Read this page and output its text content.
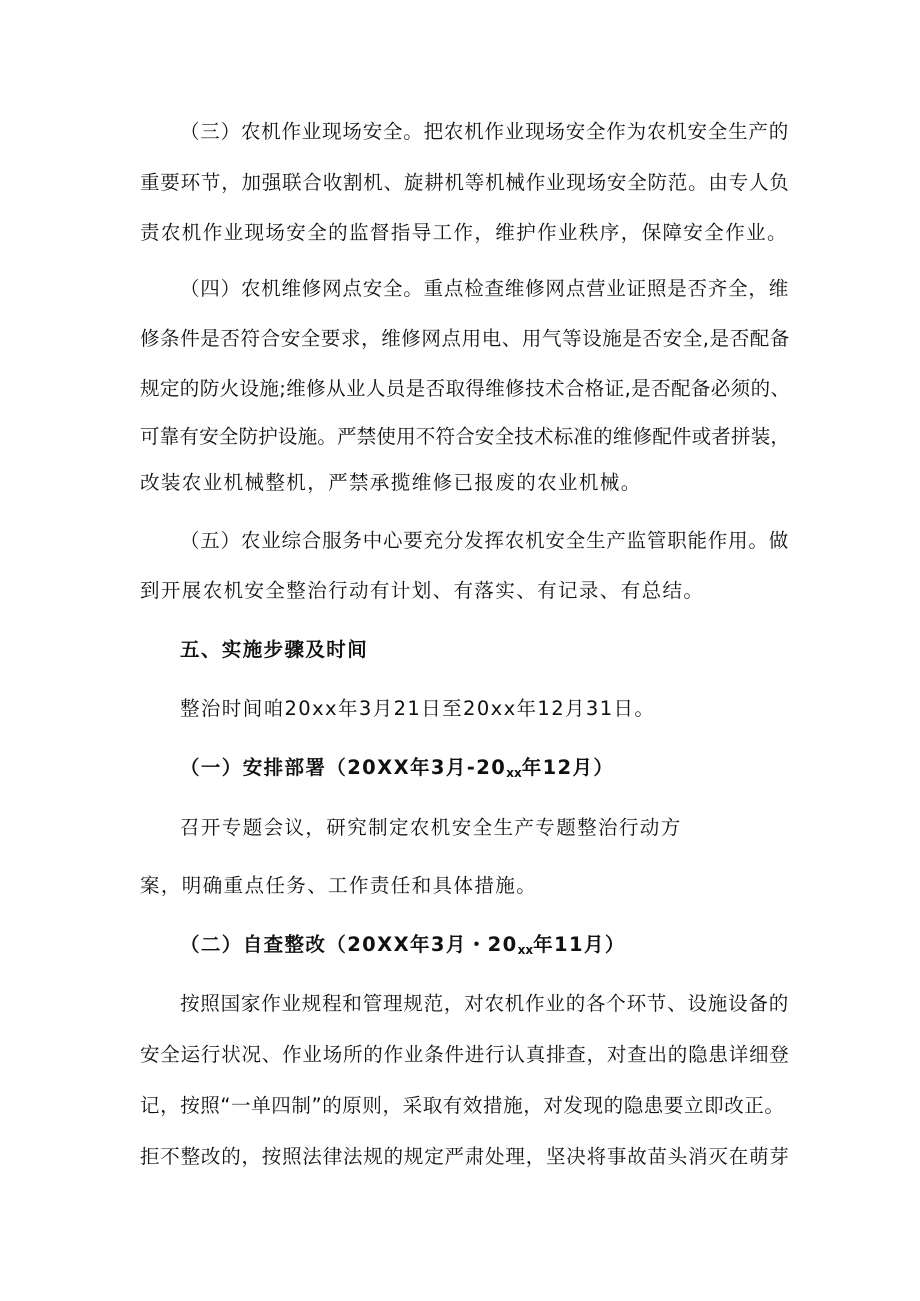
（三）农机作业现场安全。把农机作业现场安全作为农机安全生产的
重要环节，加强联合收割机、旋耕机等机械作业现场安全防范。由专人负
责农机作业现场安全的监督指导工作，维护作业秩序，保障安全作业。
（四）农机维修网点安全。重点检查维修网点营业证照是否齐全，维
修条件是否符合安全要求，维修网点用电、用气等设施是否安全,是否配备
规定的防火设施;维修从业人员是否取得维修技术合格证,是否配备必须的、
可靠有安全防护设施。严禁使用不符合安全技术标准的维修配件或者拼装，
改装农业机械整机，严禁承揽维修已报废的农业机械。
（五）农业综合服务中心要充分发挥农机安全生产监管职能作用。做
到开展农机安全整治行动有计划、有落实、有记录、有总结。
五、实施步骤及时间
整治时间咱20xx年3月21日至20xx年12月31日。
（一）安排部署（20XX年3月$-20_{xx}$年12月）
召开专题会议，研究制定农机安全生产专题整治行动方
案，明确重点任务、工作责任和具体措施。
（二）自查整改（20XX年3月・$20_{xx}$年11月）
按照国家作业规程和管理规范，对农机作业的各个环节、设施设备的
安全运行状况、作业场所的作业条件进行认真排查，对查出的隐患详细登
记，按照“一单四制”的原则，采取有效措施，对发现的隐患要立即改正。
拒不整改的，按照法律法规的规定严肃处理，坚决将事故苗头消灭在萌芽
